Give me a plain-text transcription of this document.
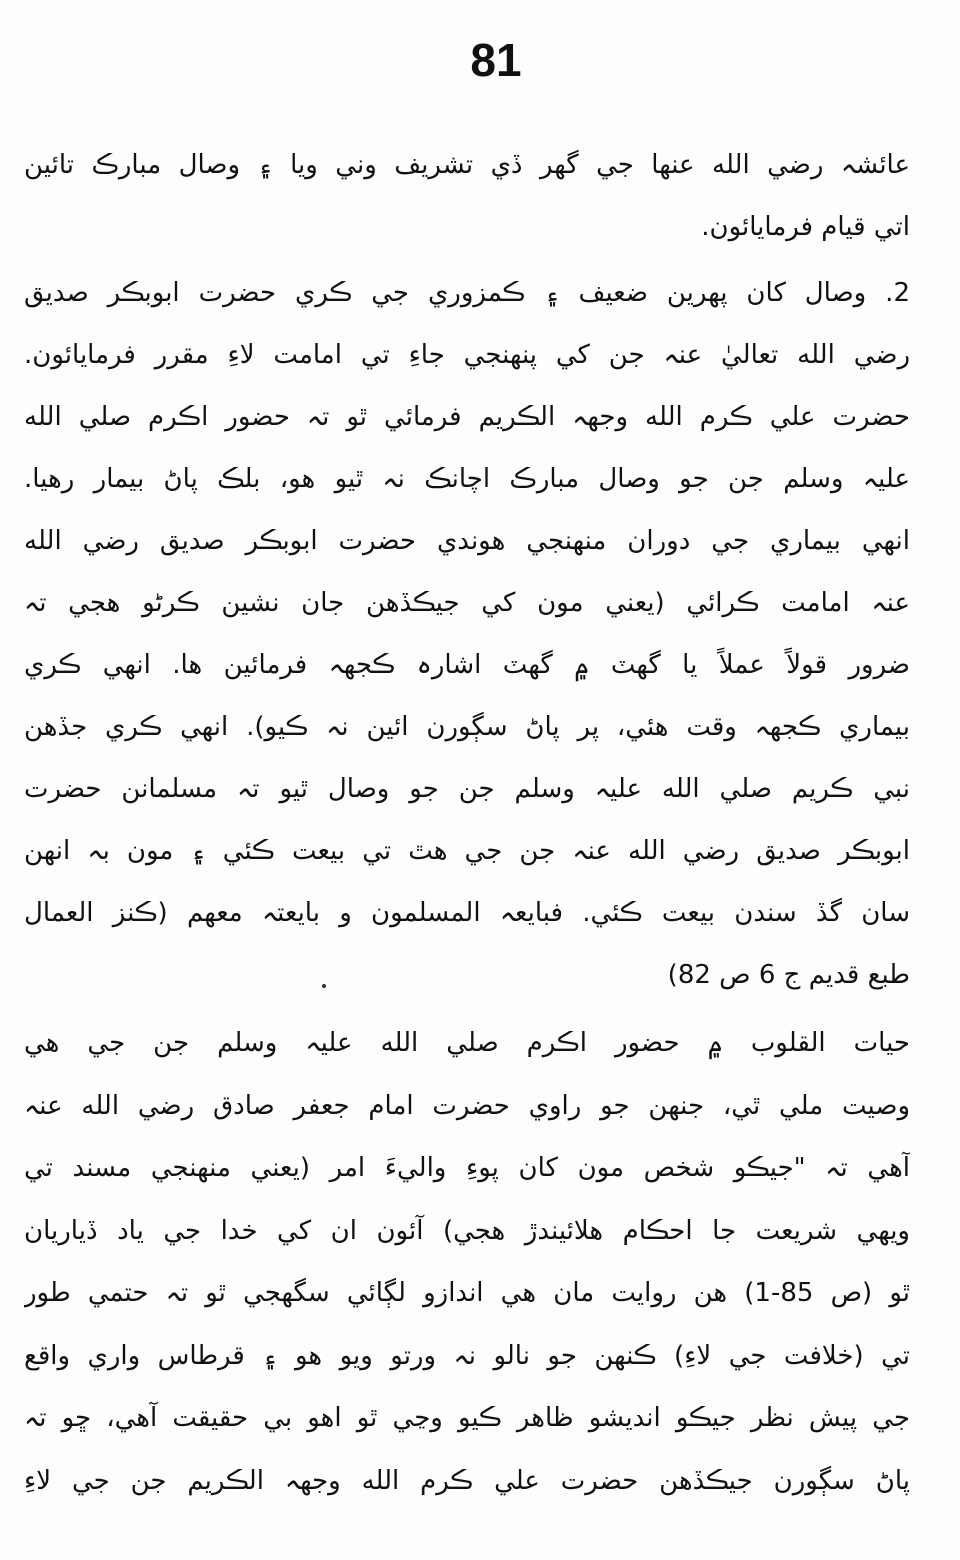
81
عائشہ رضي الله عنها جي گهر ڏي تشريف وني ويا ۽ وصال مبارڪ تائين
اتي قيام فرمايائون.
2. وصال کان پهرين ضعيف ۽ ڪمزوري جي ڪري حضرت ابوبڪر صديق
رضي الله تعاليٰ عنہ جن کي پنهنجي جاءِ تي امامت لاءِ مقرر فرمايائون.
حضرت علي ڪرم الله وجهہ الڪريم فرمائي ٿو تہ حضور اڪرم صلي الله
عليہ وسلم جن جو وصال مبارڪ اچانڪ نہ ٿيو هو، بلڪ پاڻ بيمار رهيا.
انهي بيماري جي دوران منهنجي هوندي حضرت ابوبڪر صديق رضي الله
عنہ امامت ڪرائي (يعني مون کي جيڪڏهن جان نشين ڪرڻو هجي تہ
ضرور قولاً عملاً يا گهٽ ۾ گهٽ اشارہ ڪجهہ فرمائين ها. انهي ڪري
بيماري ڪجهہ وقت هئي، پر پاڻ سڳورن ائين نہ ڪيو). انهي ڪري جڏهن
نبي ڪريم صلي الله عليہ وسلم جن جو وصال ٿيو تہ مسلمانن حضرت
ابوبڪر صديق رضي الله عنہ جن جي هٿ تي بيعت ڪئي ۽ مون بہ انهن
سان گڏ سندن بيعت ڪئي. فبايعہ المسلمون و بايعتہ معهم (ڪنز العمال
طبع قديم ج 6 ص 82)
حيات القلوب ۾ حضور اڪرم صلي الله عليہ وسلم جن جي هي
وصيت ملي ٿي، جنهن جو راوي حضرت امام جعفر صادق رضي الله عنہ
آهي تہ "جيڪو شخص مون کان پوءِ واليءَ امر (يعني منهنجي مسند تي
ويهي شريعت جا احڪام هلائيندڙ هجي) آئون ان کي خدا جي ياد ڏياريان
ٿو (ص 85-1) هن روايت مان هي اندازو لڳائي سگهجي ٿو تہ حتمي طور
تي (خلافت جي لاءِ) ڪنهن جو نالو نہ ورتو ويو هو ۽ قرطاس واري واقع
جي پيش نظر جيڪو انديشو ظاهر ڪيو وڃي ٿو اهو بي حقيقت آهي، ڇو تہ
پاڻ سڳورن جيڪڏهن حضرت علي ڪرم الله وجهہ الڪريم جن جي لاءِ
